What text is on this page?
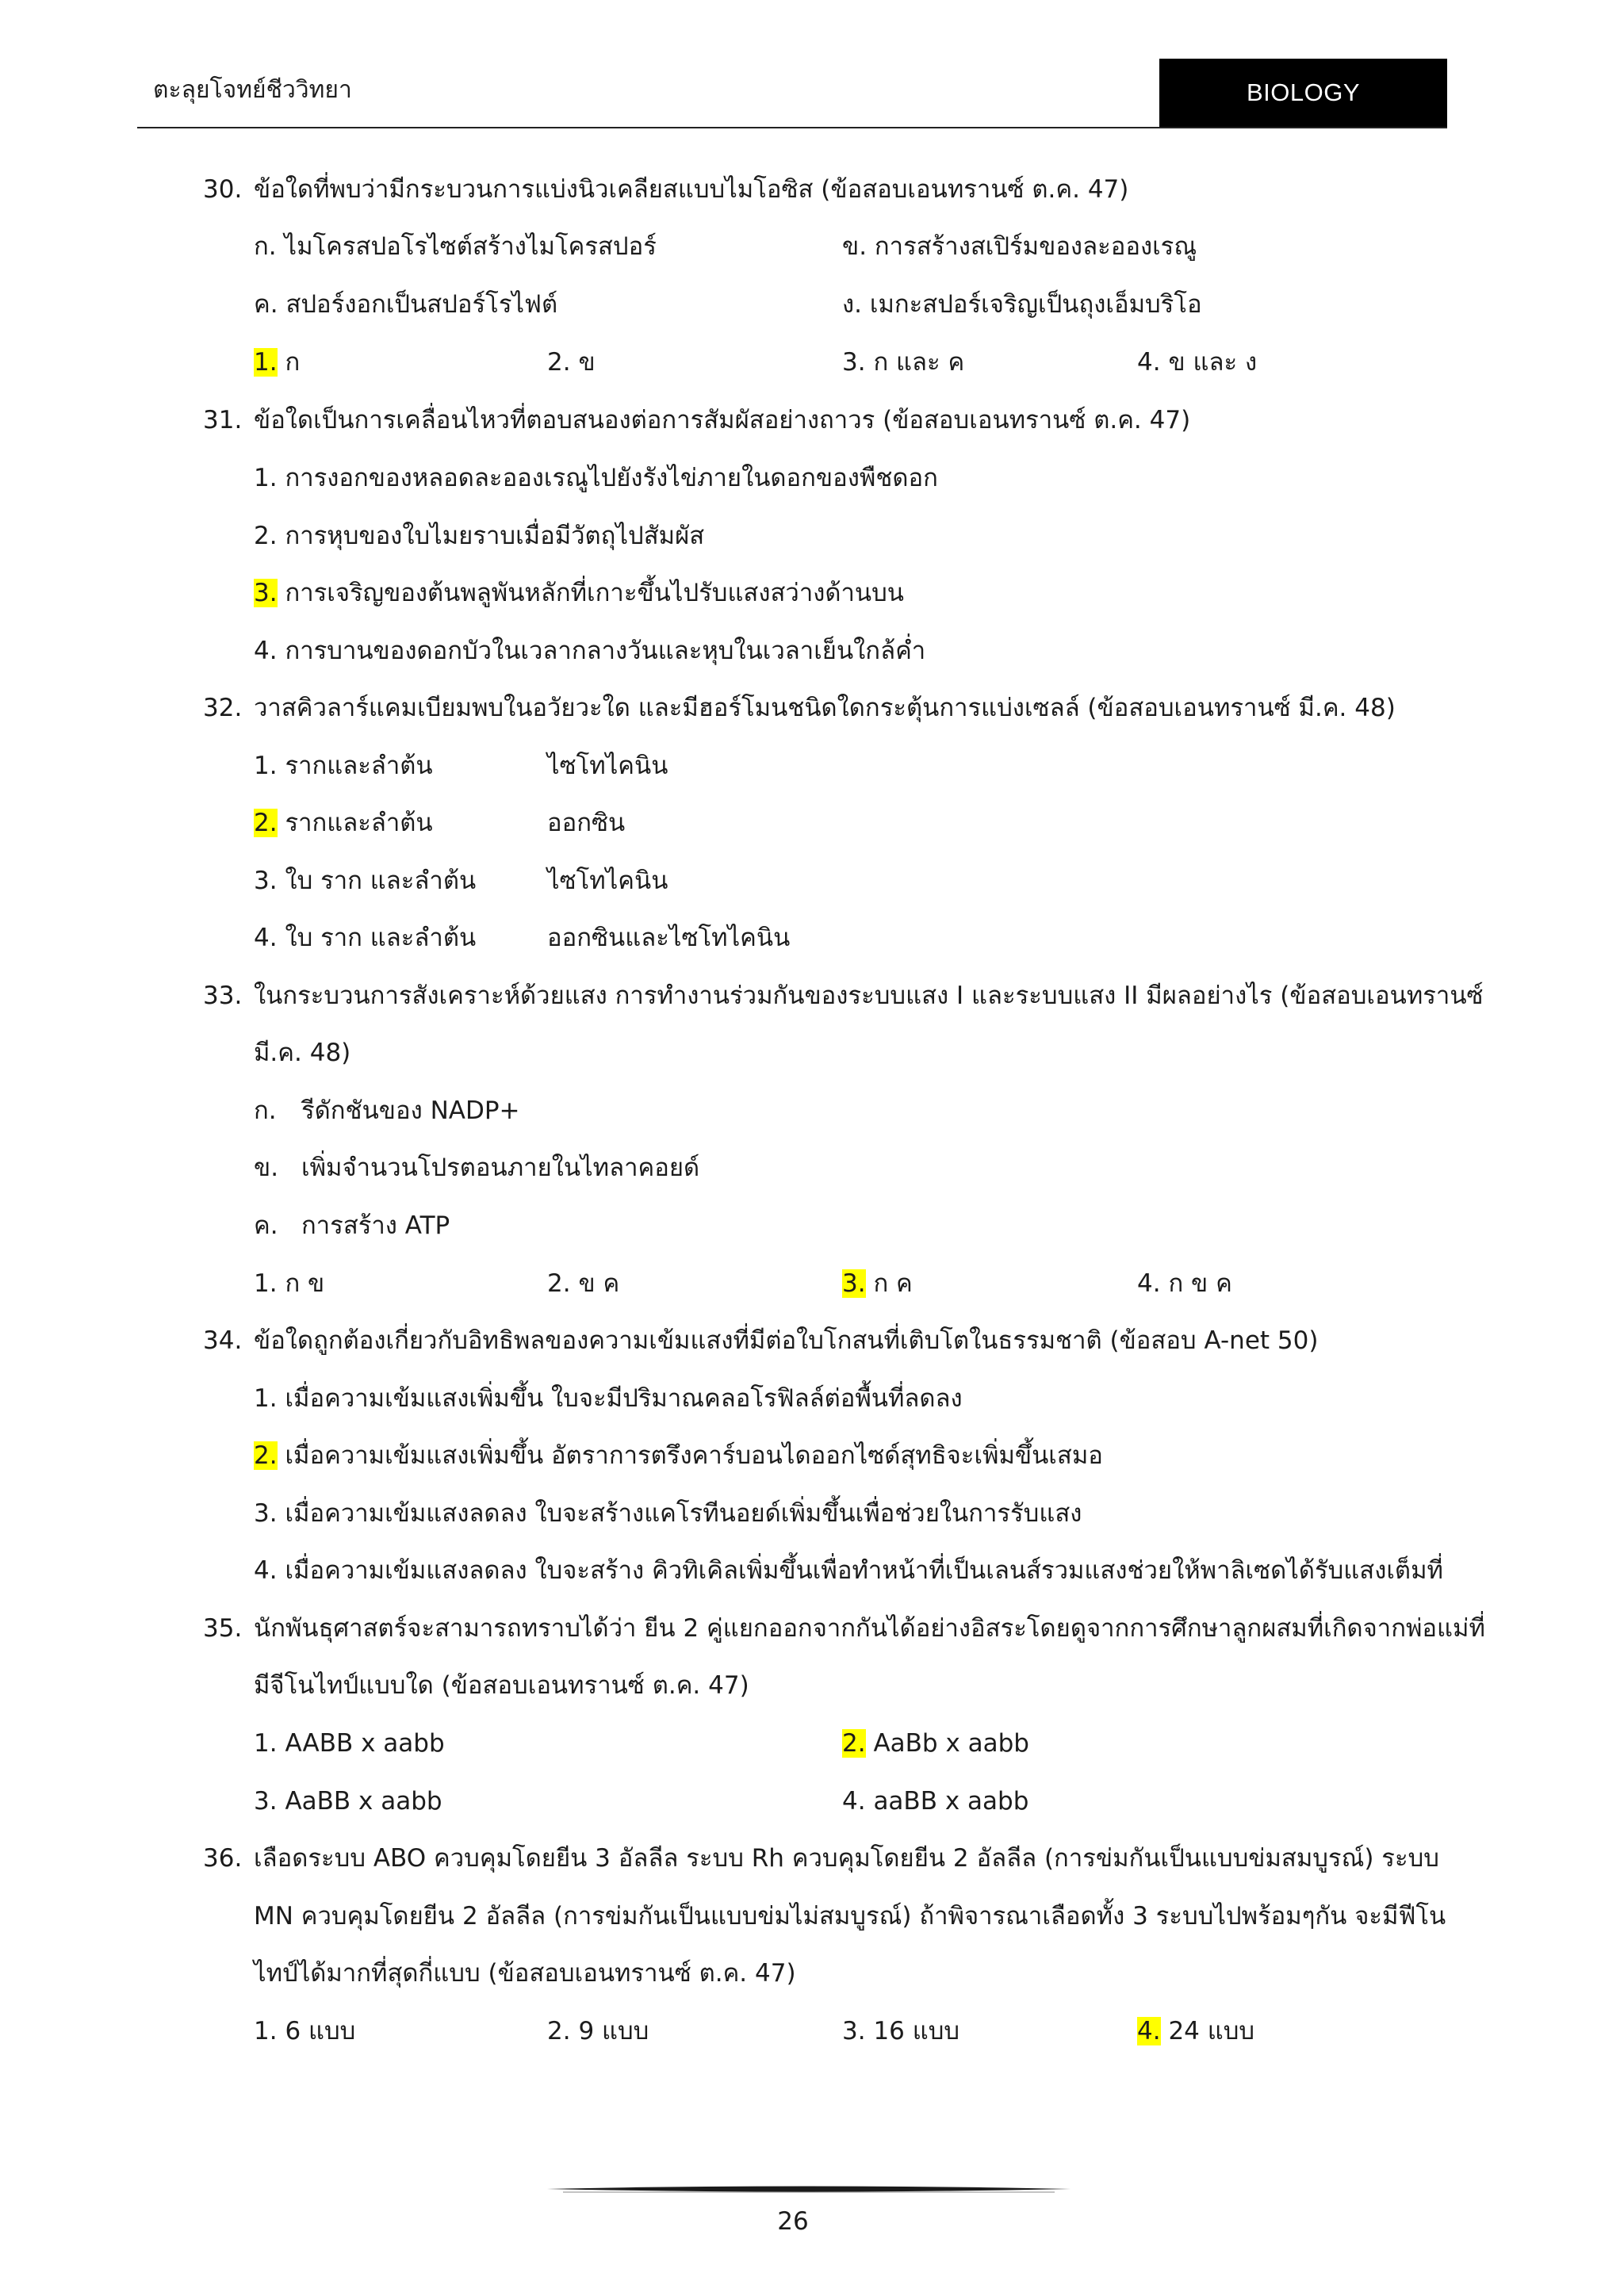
ตะลุยโจทย์ชีววิทยา	BIOLOGY
30. ข้อใดที่พบว่ามีกระบวนการแบ่งนิวเคลียสแบบไมโอซิส (ข้อสอบเอนทรานซ์ ต.ค. 47)
ก. ไมโครสปอโรไซต์สร้างไมโครสปอร์	ข. การสร้างสเปิร์มของละอองเรณู
ค. สปอร์งอกเป็นสปอร์โรไฟต์	ง. เมกะสปอร์เจริญเป็นถุงเอ็มบริโอ
1. ก	2. ข	3. ก และ ค	4. ข และ ง
31. ข้อใดเป็นการเคลื่อนไหวที่ตอบสนองต่อการสัมผัสอย่างถาวร (ข้อสอบเอนทรานซ์ ต.ค. 47)
1. การงอกของหลอดละอองเรณูไปยังรังไข่ภายในดอกของพืชดอก
2. การหุบของใบไมยราบเมื่อมีวัตถุไปสัมผัส
3. การเจริญของต้นพลูพันหลักที่เกาะขึ้นไปรับแสงสว่างด้านบน
4. การบานของดอกบัวในเวลากลางวันและหุบในเวลาเย็นใกล้ค่ำ
32. วาสคิวลาร์แคมเบียมพบในอวัยวะใด และมีฮอร์โมนชนิดใดกระตุ้นการแบ่งเซลล์ (ข้อสอบเอนทรานซ์ มี.ค. 48)
1. รากและลำต้น	ไซโทไคนิน
2. รากและลำต้น	ออกซิน
3. ใบ ราก และลำต้น	ไซโทไคนิน
4. ใบ ราก และลำต้น	ออกซินและไซโทไคนิน
33. ในกระบวนการสังเคราะห์ด้วยแสง การทำงานร่วมกันของระบบแสง I และระบบแสง II มีผลอย่างไร (ข้อสอบเอนทรานซ์
มี.ค. 48)
ก. รีดักชันของ NADP+
ข. เพิ่มจำนวนโปรตอนภายในไทลาคอยด์
ค. การสร้าง ATP
1. ก ข	2. ข ค	3. ก ค	4. ก ข ค
34. ข้อใดถูกต้องเกี่ยวกับอิทธิพลของความเข้มแสงที่มีต่อใบโกสนที่เติบโตในธรรมชาติ (ข้อสอบ A-net 50)
1. เมื่อความเข้มแสงเพิ่มขึ้น ใบจะมีปริมาณคลอโรฟิลล์ต่อพื้นที่ลดลง
2. เมื่อความเข้มแสงเพิ่มขึ้น อัตราการตรึงคาร์บอนไดออกไซด์สุทธิจะเพิ่มขึ้นเสมอ
3. เมื่อความเข้มแสงลดลง ใบจะสร้างแคโรทีนอยด์เพิ่มขึ้นเพื่อช่วยในการรับแสง
4. เมื่อความเข้มแสงลดลง ใบจะสร้าง คิวทิเคิลเพิ่มขึ้นเพื่อทำหน้าที่เป็นเลนส์รวมแสงช่วยให้พาลิเซดได้รับแสงเต็มที่
35. นักพันธุศาสตร์จะสามารถทราบได้ว่า ยีน 2 คู่แยกออกจากกันได้อย่างอิสระโดยดูจากการศึกษาลูกผสมที่เกิดจากพ่อแม่ที่
มีจีโนไทป์แบบใด (ข้อสอบเอนทรานซ์ ต.ค. 47)
1. AABB x aabb	2. AaBb x aabb
3. AaBB x aabb	4. aaBB x aabb
36. เลือดระบบ ABO ควบคุมโดยยีน 3 อัลลีล ระบบ Rh ควบคุมโดยยีน 2 อัลลีล (การข่มกันเป็นแบบข่มสมบูรณ์) ระบบ
MN ควบคุมโดยยีน 2 อัลลีล (การข่มกันเป็นแบบข่มไม่สมบูรณ์) ถ้าพิจารณาเลือดทั้ง 3 ระบบไปพร้อมๆกัน จะมีฟีโน
ไทป์ได้มากที่สุดกี่แบบ (ข้อสอบเอนทรานซ์ ต.ค. 47)
1. 6 แบบ	2. 9 แบบ	3. 16 แบบ	4. 24 แบบ
26
